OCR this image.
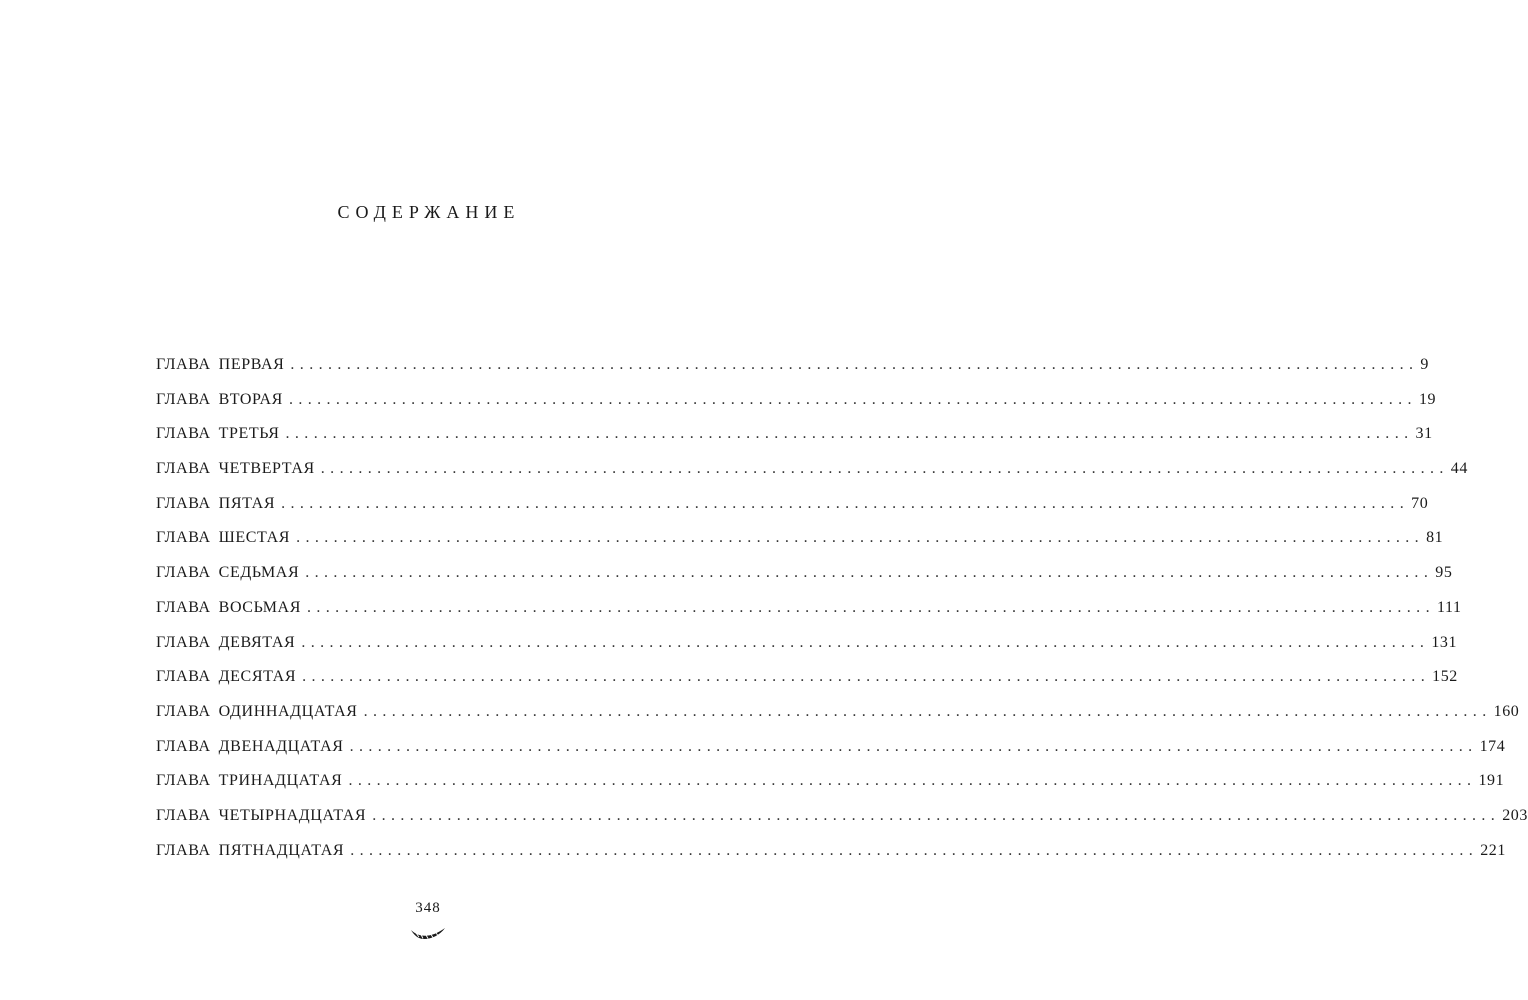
СОДЕРЖАНИЕ
ГЛАВА ПЕРВАЯ ........................................................................................................................ 9
ГЛАВА ВТОРАЯ ........................................................................................................................ 19
ГЛАВА ТРЕТЬЯ ........................................................................................................................ 31
ГЛАВА ЧЕТВЕРТАЯ ........................................................................................................................ 44
ГЛАВА ПЯТАЯ ........................................................................................................................ 70
ГЛАВА ШЕСТАЯ ........................................................................................................................ 81
ГЛАВА СЕДЬМАЯ ........................................................................................................................ 95
ГЛАВА ВОСЬМАЯ ........................................................................................................................ 111
ГЛАВА ДЕВЯТАЯ ........................................................................................................................ 131
ГЛАВА ДЕСЯТАЯ ........................................................................................................................ 152
ГЛАВА ОДИННАДЦАТАЯ ........................................................................................................................ 160
ГЛАВА ДВЕНАДЦАТАЯ ........................................................................................................................ 174
ГЛАВА ТРИНАДЦАТАЯ ........................................................................................................................ 191
ГЛАВА ЧЕТЫРНАДЦАТАЯ ........................................................................................................................ 203
ГЛАВА ПЯТНАДЦАТАЯ ........................................................................................................................ 221
348
